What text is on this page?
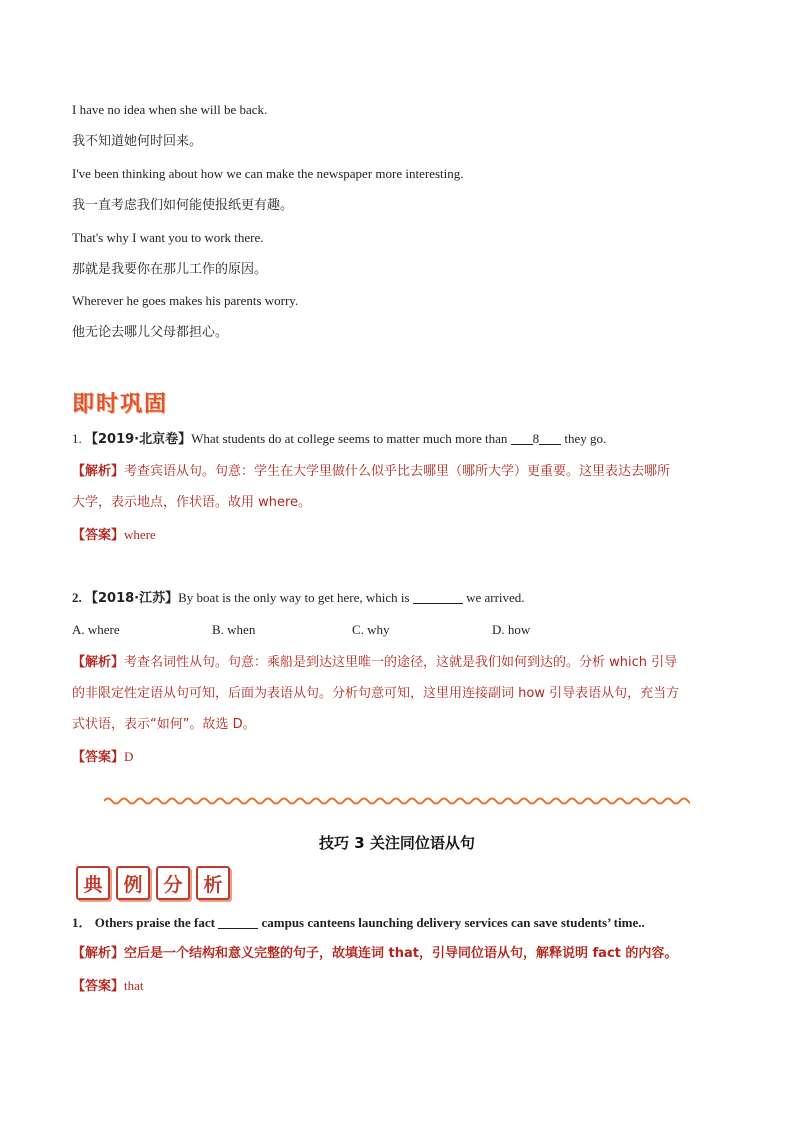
I have no idea when she will be back.
我不知道她何时回来。
I've been thinking about how we can make the newspaper more interesting.
我一直考虑我们如何能使报纸更有趣。
That's why I want you to work there.
那就是我要你在那儿工作的原因。
Wherever he goes makes his parents worry.
他无论去哪儿父母都担心。
即时巩固
1. 【2019·北京卷】What students do at college seems to matter much more than 8 they go.
【解析】考查宾语从句。句意：学生在大学里做什么似乎比去哪里（哪所大学）更重要。这里表达去哪所
大学，表示地点，作状语。故用 where。
【答案】where
2. 【2018·江苏】By boat is the only way to get here, which is	we arrived.
A. where	B. when	C. why	D. how
【解析】考查名词性从句。句意：乘船是到达这里唯一的途径，这就是我们如何到达的。分析 which 引导
的非限定性定语从句可知，后面为表语从句。分析句意可知，这里用连接副词 how 引导表语从句，充当方
式状语，表示“如何”。故选 D。
【答案】D
技巧 3 关注同位语从句
典	例	分	析
1． Others praise the fact	campus canteens launching delivery services can save students’ time..
【解析】空后是一个结构和意义完整的句子，故填连词 that，引导同位语从句，解释说明 fact 的内容。
【答案】that
